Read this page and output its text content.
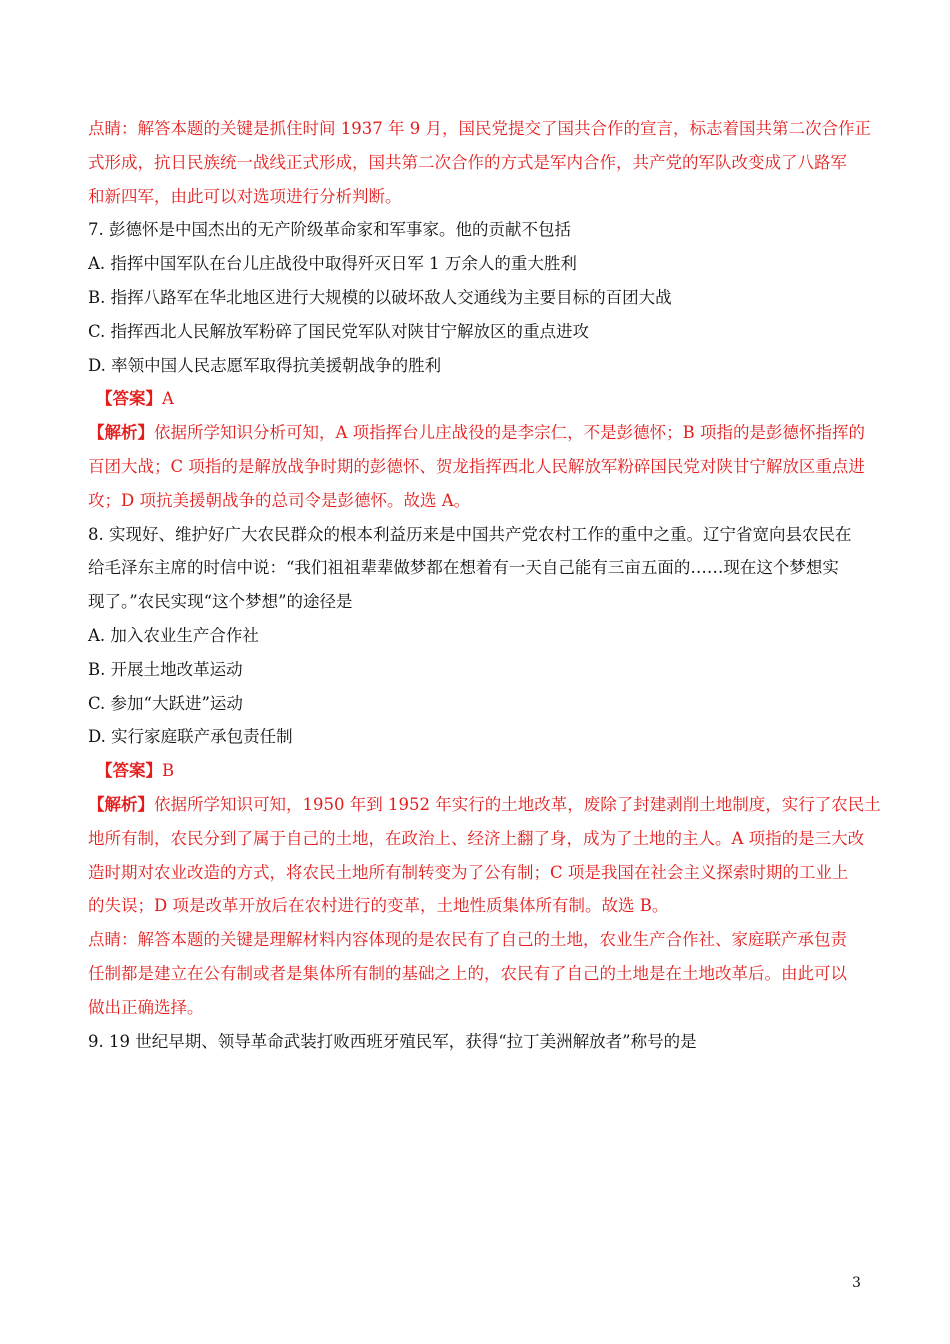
点睛：解答本题的关键是抓住时间 1937 年 9 月，国民党提交了国共合作的宣言，标志着国共第二次合作正
式形成，抗日民族统一战线正式形成，国共第二次合作的方式是军内合作，共产党的军队改变成了八路军
和新四军，由此可以对选项进行分析判断。
7. 彭德怀是中国杰出的无产阶级革命家和军事家。他的贡献不包括
A. 指挥中国军队在台儿庄战役中取得歼灭日军 1 万余人的重大胜利
B. 指挥八路军在华北地区进行大规模的以破坏敌人交通线为主要目标的百团大战
C. 指挥西北人民解放军粉碎了国民党军队对陕甘宁解放区的重点进攻
D. 率领中国人民志愿军取得抗美援朝战争的胜利
【答案】A
【解析】依据所学知识分析可知，A 项指挥台儿庄战役的是李宗仁，不是彭德怀；B 项指的是彭德怀指挥的
百团大战；C 项指的是解放战争时期的彭德怀、贺龙指挥西北人民解放军粉碎国民党对陕甘宁解放区重点进
攻；D 项抗美援朝战争的总司令是彭德怀。故选 A。
8. 实现好、维护好广大农民群众的根本利益历来是中国共产党农村工作的重中之重。辽宁省宽向县农民在
给毛泽东主席的时信中说：“我们祖祖辈辈做梦都在想着有一天自己能有三亩五面的……现在这个梦想实
现了。”农民实现“这个梦想”的途径是
A. 加入农业生产合作社
B. 开展土地改革运动
C. 参加“大跃进”运动
D. 实行家庭联产承包责任制
【答案】B
【解析】依据所学知识可知，1950 年到 1952 年实行的土地改革，废除了封建剥削土地制度，实行了农民土
地所有制，农民分到了属于自己的土地，在政治上、经济上翻了身，成为了土地的主人。A 项指的是三大改
造时期对农业改造的方式，将农民土地所有制转变为了公有制；C 项是我国在社会主义探索时期的工业上
的失误；D 项是改革开放后在农村进行的变革，土地性质集体所有制。故选 B。
点睛：解答本题的关键是理解材料内容体现的是农民有了自己的土地，农业生产合作社、家庭联产承包责
任制都是建立在公有制或者是集体所有制的基础之上的，农民有了自己的土地是在土地改革后。由此可以
做出正确选择。
9. 19 世纪早期、领导革命武装打败西班牙殖民军，获得“拉丁美洲解放者”称号的是
3
